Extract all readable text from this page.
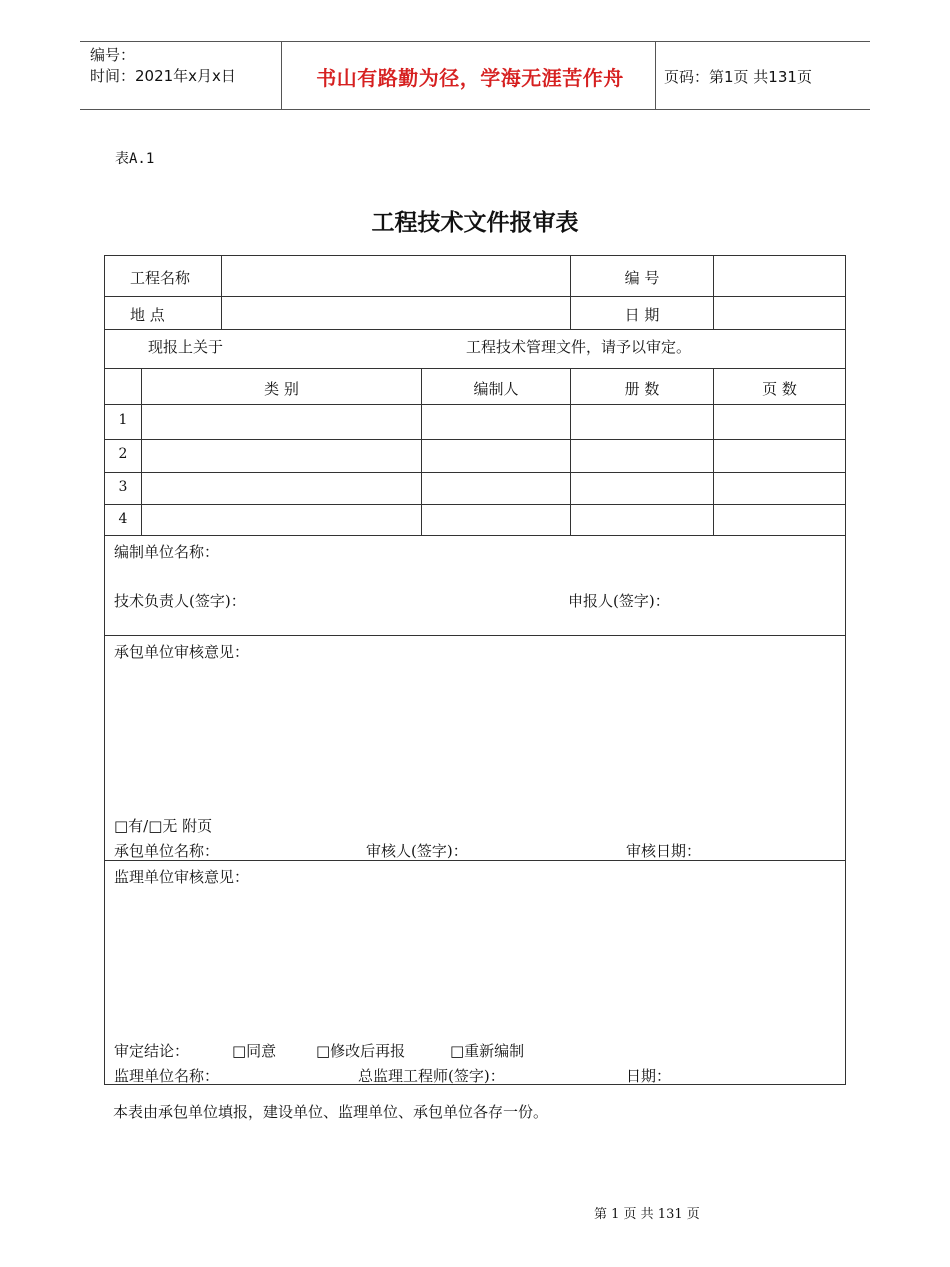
编号：
时间：2021年x月x日	书山有路勤为径，学海无涯苦作舟	页码：第1页 共131页
表A.1
工程技术文件报审表
工程名称	编 号
地 点	日 期
现报上关于	工程技术管理文件，请予以审定。
类 别	编制人	册 数	页 数
1
2
3
4
编制单位名称：
技术负责人(签字)：	申报人(签字)：
承包单位审核意见：
□有/□无 附页
承包单位名称：	审核人(签字)：	审核日期：
监理单位审核意见：
审定结论：	□同意	□修改后再报	□重新编制
监理单位名称：	总监理工程师(签字)：	日期：
本表由承包单位填报，建设单位、监理单位、承包单位各存一份。
第 1 页 共 131 页
